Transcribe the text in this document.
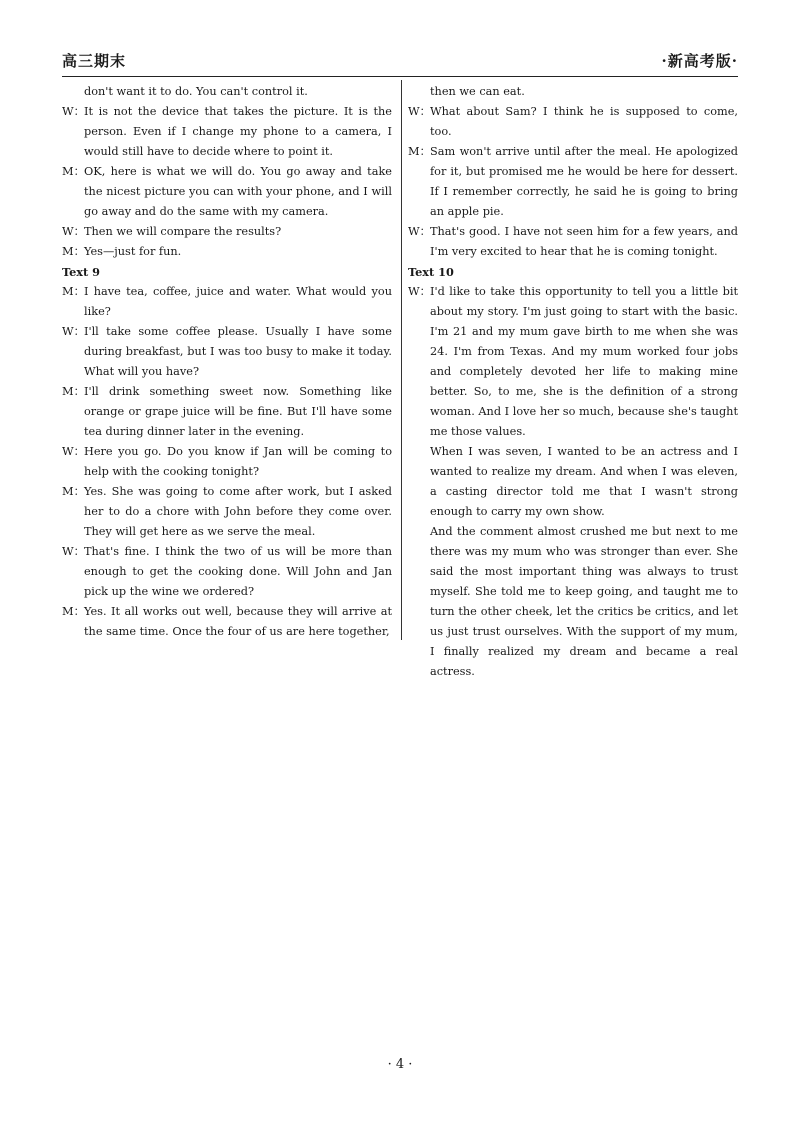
高三期末	·新高考版·
don't want it to do. You can't control it.
W： It is not the device that takes the picture. It is the person. Even if I change my phone to a camera, I would still have to decide where to point it.
M： OK, here is what we will do. You go away and take the nicest picture you can with your phone, and I will go away and do the same with my camera.
W： Then we will compare the results?
M： Yes—just for fun.
Text 9
M： I have tea, coffee, juice and water. What would you like?
W： I'll take some coffee please. Usually I have some during breakfast, but I was too busy to make it today. What will you have?
M： I'll drink something sweet now. Something like orange or grape juice will be fine. But I'll have some tea during dinner later in the evening.
W： Here you go. Do you know if Jan will be coming to help with the cooking tonight?
M： Yes. She was going to come after work, but I asked her to do a chore with John before they come over. They will get here as we serve the meal.
W： That's fine. I think the two of us will be more than enough to get the cooking done. Will John and Jan pick up the wine we ordered?
M： Yes. It all works out well, because they will arrive at the same time. Once the four of us are here together,
then we can eat.
W： What about Sam? I think he is supposed to come, too.
M： Sam won't arrive until after the meal. He apologized for it, but promised me he would be here for dessert. If I remember correctly, he said he is going to bring an apple pie.
W： That's good. I have not seen him for a few years, and I'm very excited to hear that he is coming tonight.
Text 10
W： I'd like to take this opportunity to tell you a little bit about my story. I'm just going to start with the basic. I'm 21 and my mum gave birth to me when she was 24. I'm from Texas. And my mum worked four jobs and completely devoted her life to making mine better. So, to me, she is the definition of a strong woman. And I love her so much, because she's taught me those values.
When I was seven, I wanted to be an actress and I wanted to realize my dream. And when I was eleven, a casting director told me that I wasn't strong enough to carry my own show.
And the comment almost crushed me but next to me there was my mum who was stronger than ever. She said the most important thing was always to trust myself. She told me to keep going, and taught me to turn the other cheek, let the critics be critics, and let us just trust ourselves. With the support of my mum, I finally realized my dream and became a real actress.
· 4 ·
